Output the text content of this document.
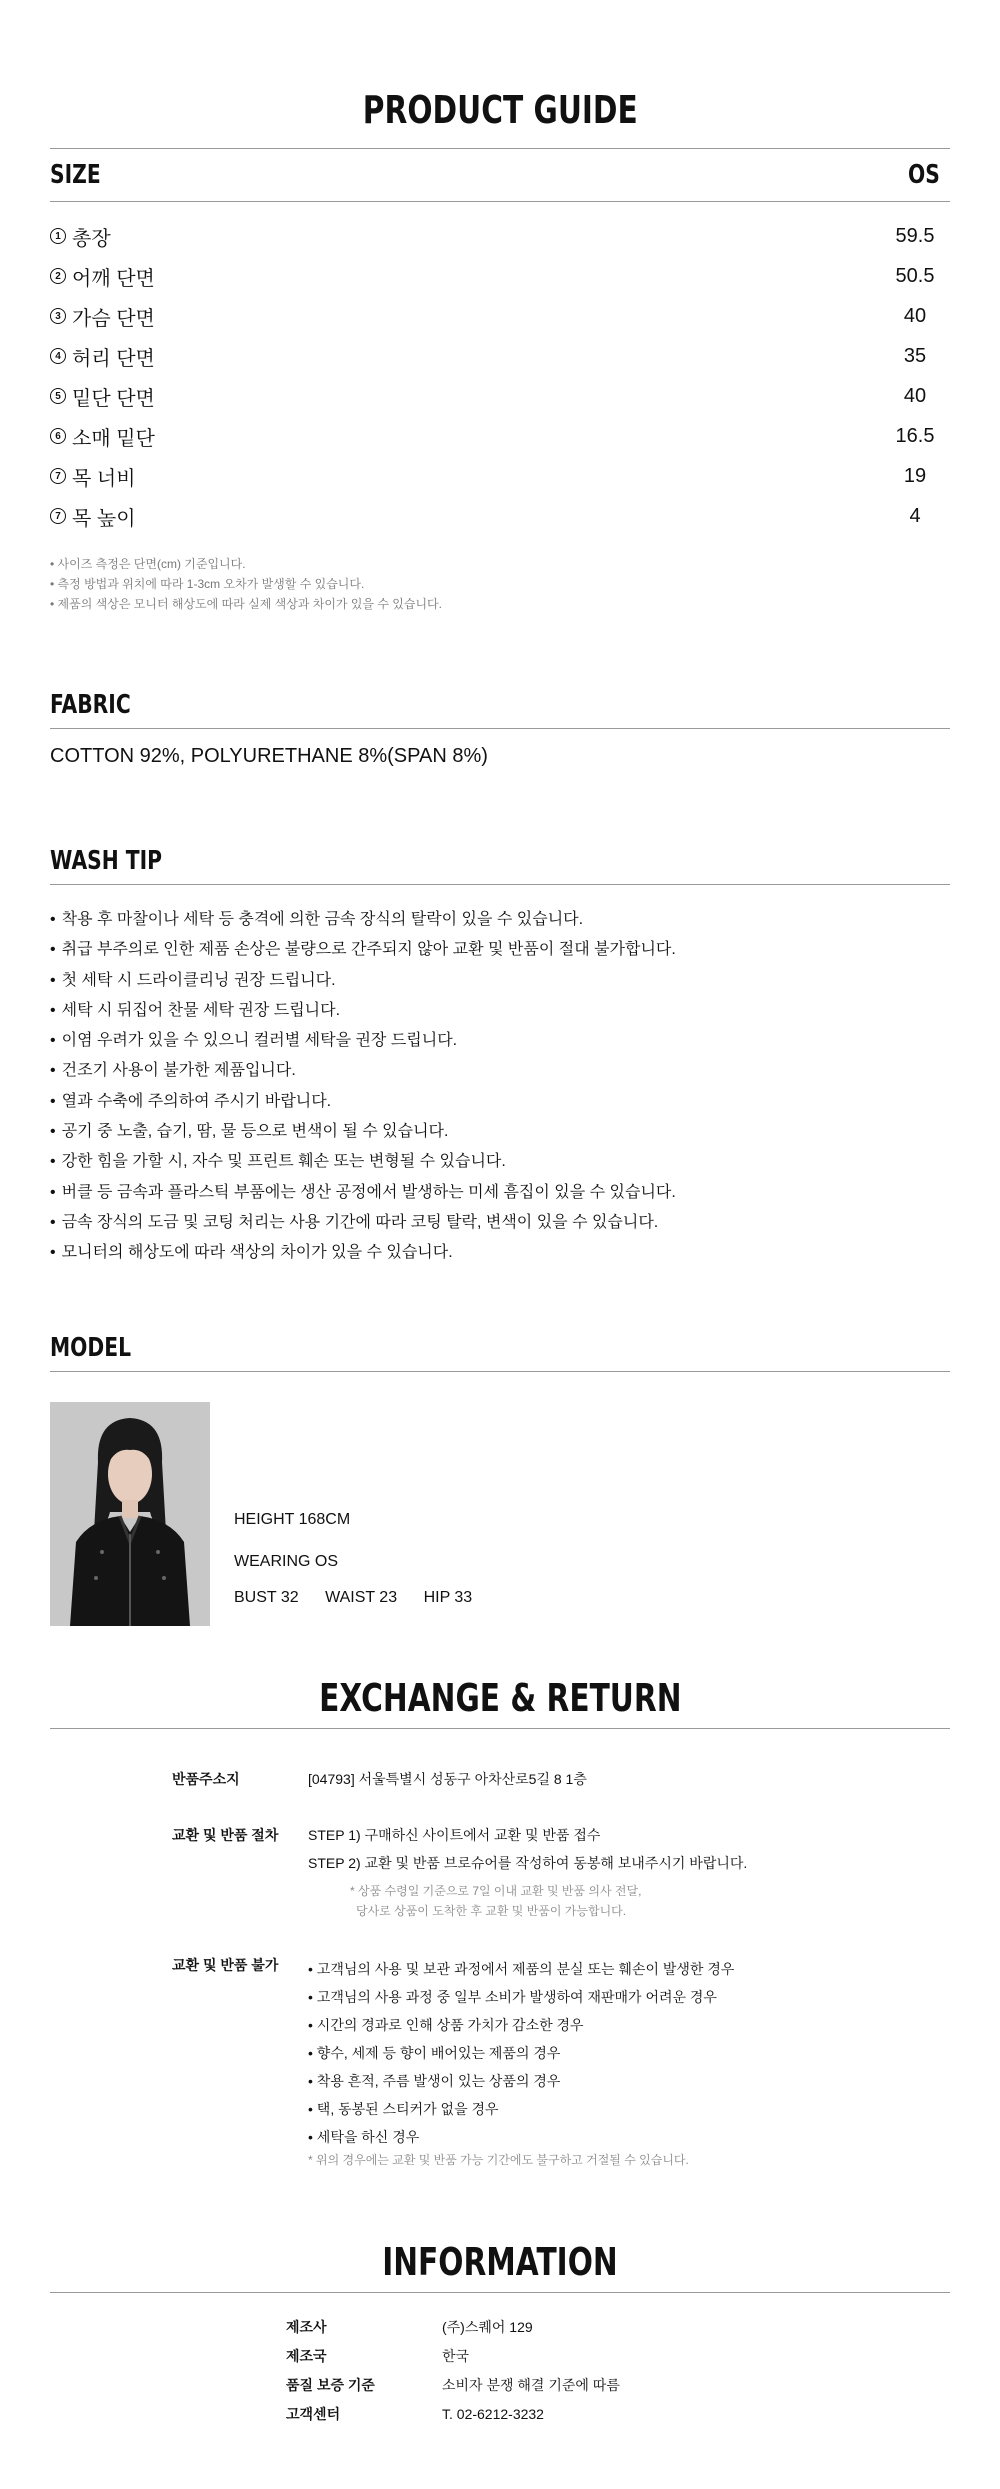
PRODUCT GUIDE
SIZE	OS
1 총장	59.5
2 어깨 단면	50.5
3 가슴 단면	40
4 허리 단면	35
5 밑단 단면	40
6 소매 밑단	16.5
7 목 너비	19
7 목 높이	4
• 사이즈 측정은 단면(cm) 기준입니다.
• 측정 방법과 위치에 따라 1-3cm 오차가 발생할 수 있습니다.
• 제품의 색상은 모니터 해상도에 따라 실제 색상과 차이가 있을 수 있습니다.
FABRIC
COTTON 92%, POLYURETHANE 8%(SPAN 8%)
WASH TIP
• 착용 후 마찰이나 세탁 등 충격에 의한 금속 장식의 탈락이 있을 수 있습니다.
• 취급 부주의로 인한 제품 손상은 불량으로 간주되지 않아 교환 및 반품이 절대 불가합니다.
• 첫 세탁 시 드라이클리닝 권장 드립니다.
• 세탁 시 뒤집어 찬물 세탁 권장 드립니다.
• 이염 우려가 있을 수 있으니 컬러별 세탁을 권장 드립니다.
• 건조기 사용이 불가한 제품입니다.
• 열과 수축에 주의하여 주시기 바랍니다.
• 공기 중 노출, 습기, 땀, 물 등으로 변색이 될 수 있습니다.
• 강한 힘을 가할 시, 자수 및 프린트 훼손 또는 변형될 수 있습니다.
• 버클 등 금속과 플라스틱 부품에는 생산 공정에서 발생하는 미세 흠집이 있을 수 있습니다.
• 금속 장식의 도금 및 코팅 처리는 사용 기간에 따라 코팅 탈락, 변색이 있을 수 있습니다.
• 모니터의 해상도에 따라 색상의 차이가 있을 수 있습니다.
MODEL
HEIGHT 168CM
WEARING OS
BUST 32 WAIST 23 HIP 33
EXCHANGE & RETURN
반품주소지	[04793] 서울특별시 성동구 아차산로5길 8 1층
교환 및 반품 절차	STEP 1) 구매하신 사이트에서 교환 및 반품 접수
STEP 2) 교환 및 반품 브로슈어를 작성하여 동봉해 보내주시기 바랍니다.
* 상품 수령일 기준으로 7일 이내 교환 및 반품 의사 전달,
당사로 상품이 도착한 후 교환 및 반품이 가능합니다.
교환 및 반품 불가	• 고객님의 사용 및 보관 과정에서 제품의 분실 또는 훼손이 발생한 경우
• 고객님의 사용 과정 중 일부 소비가 발생하여 재판매가 어려운 경우
• 시간의 경과로 인해 상품 가치가 감소한 경우
• 향수, 세제 등 향이 배어있는 제품의 경우
• 착용 흔적, 주름 발생이 있는 상품의 경우
• 택, 동봉된 스티커가 없을 경우
• 세탁을 하신 경우
* 위의 경우에는 교환 및 반품 가능 기간에도 불구하고 거절될 수 있습니다.
INFORMATION
제조사	(주)스퀘어 129
제조국	한국
품질 보증 기준	소비자 분쟁 해결 기준에 따름
고객센터	T. 02-6212-3232
